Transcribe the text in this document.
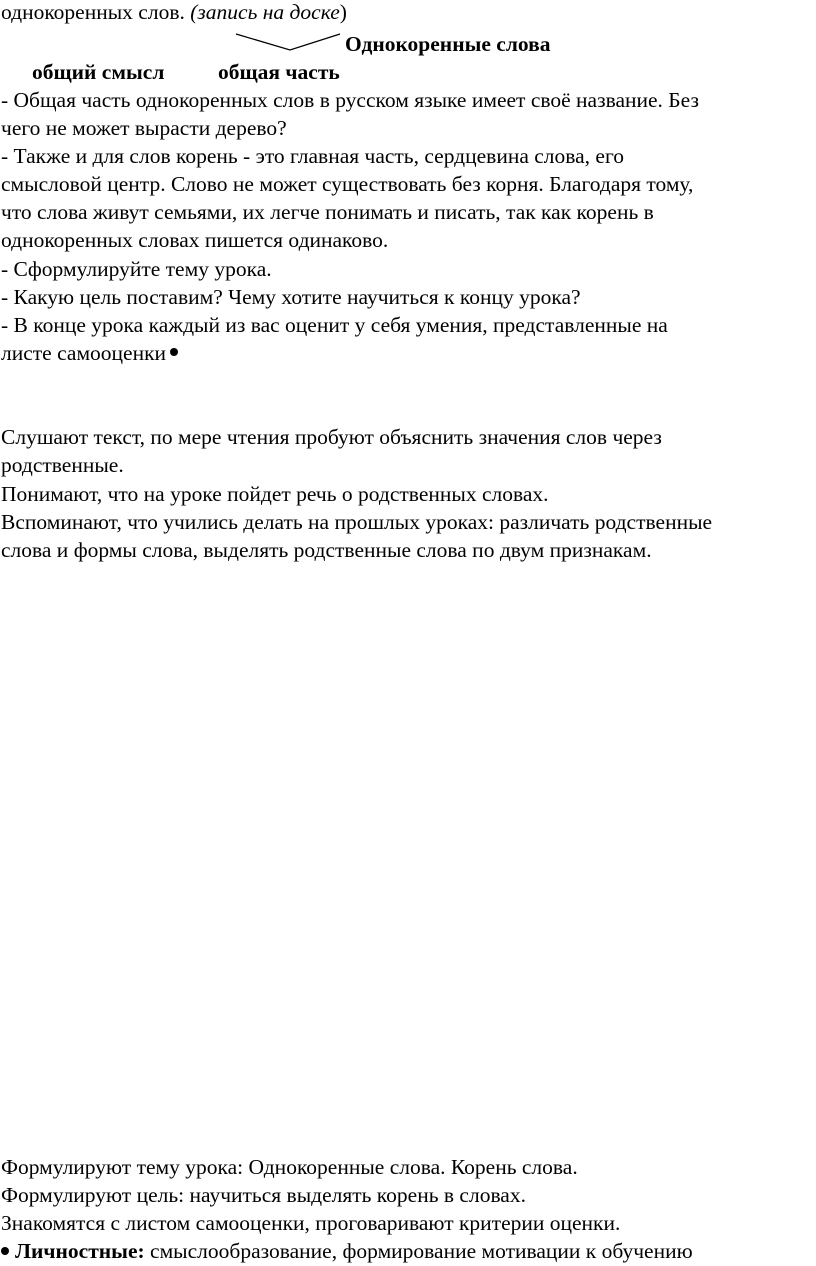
однокоренных слов. (запись на доске)
Однокоренные слова
общий смысл общая часть
- Общая часть однокоренных слов в русском языке имеет своё название. Без
чего не может вырасти дерево?
- Также и для слов корень - это главная часть, сердцевина слова, его
смысловой центр. Слово не может существовать без корня. Благодаря тому,
что слова живут семьями, их легче понимать и писать, так как корень в
однокоренных словах пишется одинаково.
- Сформулируйте тему урока.
- Какую цель поставим? Чему хотите научиться к концу урока?
- В конце урока каждый из вас оценит у себя умения, представленные на
листе самооценки
Слушают текст, по мере чтения пробуют объяснить значения слов через
родственные.
Понимают, что на уроке пойдет речь о родственных словах.
Вспоминают, что учились делать на прошлых уроках: различать родственные
слова и формы слова, выделять родственные слова по двум признакам.
Формулируют тему урока: Однокоренные слова. Корень слова.
Формулируют цель: научиться выделять корень в словах.
Знакомятся с листом самооценки, проговаривают критерии оценки.
Личностные: смыслообразование, формирование мотивации к обучению
